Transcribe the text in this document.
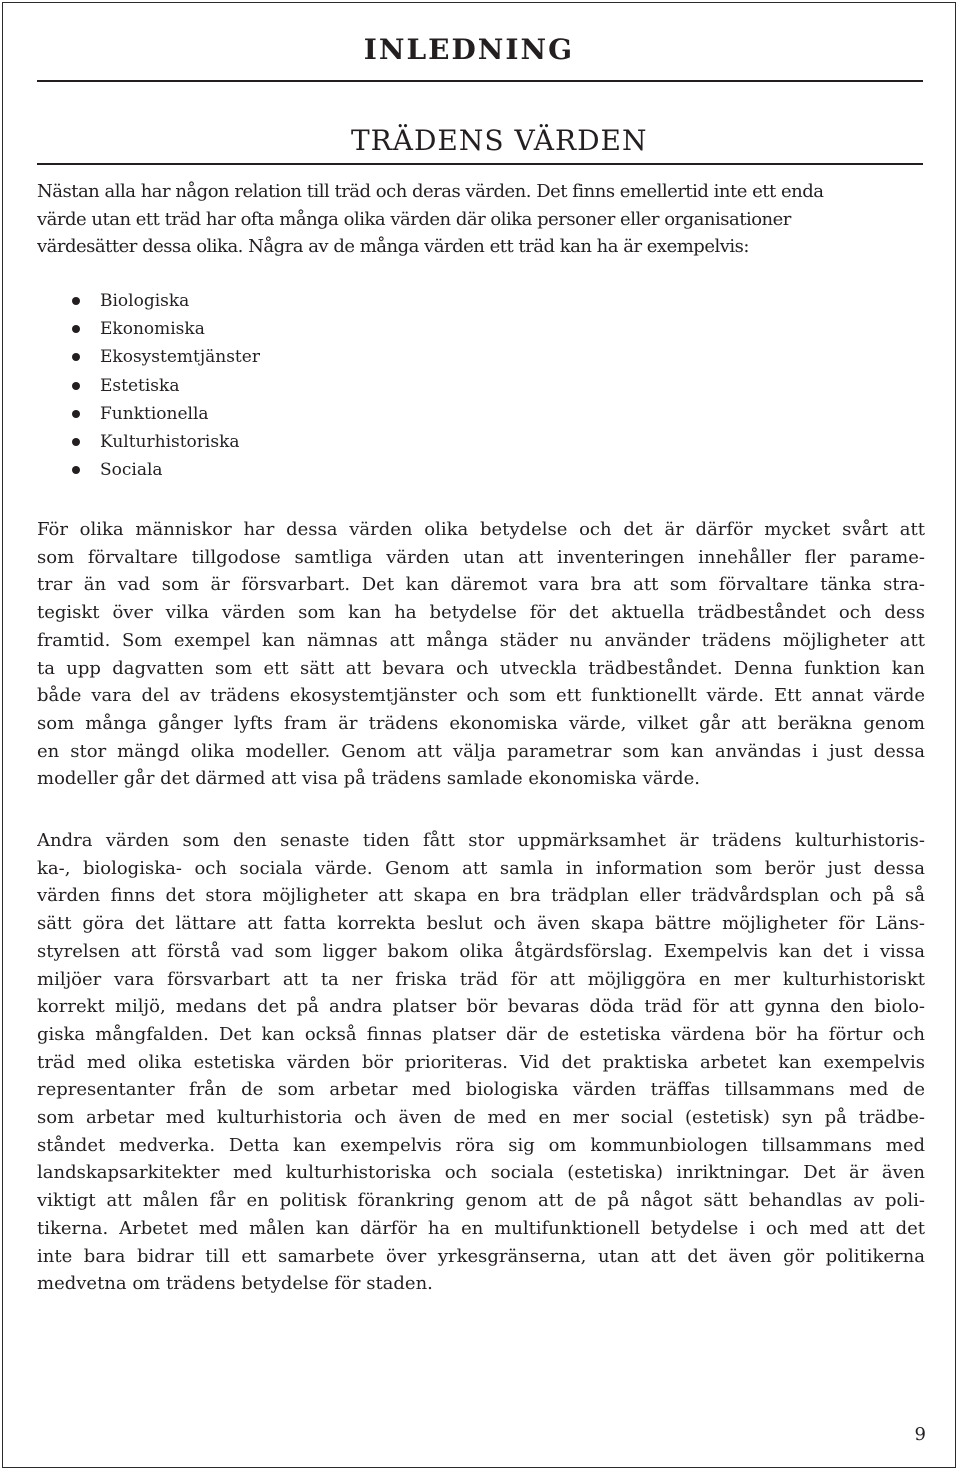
INLEDNING
TRÄDENS VÄRDEN
Nästan alla har någon relation till träd och deras värden. Det finns emellertid inte ett enda
värde utan ett träd har ofta många olika värden där olika personer eller organisationer
värdesätter dessa olika. Några av de många värden ett träd kan ha är exempelvis:
Biologiska
Ekonomiska
Ekosystemtjänster
Estetiska
Funktionella
Kulturhistoriska
Sociala
För olika människor har dessa värden olika betydelse och det är därför mycket svårt att
som förvaltare tillgodose samtliga värden utan att inventeringen innehåller fler parame-
trar än vad som är försvarbart. Det kan däremot vara bra att som förvaltare tänka stra-
tegiskt över vilka värden som kan ha betydelse för det aktuella trädbeståndet och dess
framtid. Som exempel kan nämnas att många städer nu använder trädens möjligheter att
ta upp dagvatten som ett sätt att bevara och utveckla trädbeståndet. Denna funktion kan
både vara del av trädens ekosystemtjänster och som ett funktionellt värde. Ett annat värde
som många gånger lyfts fram är trädens ekonomiska värde, vilket går att beräkna genom
en stor mängd olika modeller. Genom att välja parametrar som kan användas i just dessa
modeller går det därmed att visa på trädens samlade ekonomiska värde.
Andra värden som den senaste tiden fått stor uppmärksamhet är trädens kulturhistoris-
ka-, biologiska- och sociala värde. Genom att samla in information som berör just dessa
värden finns det stora möjligheter att skapa en bra trädplan eller trädvårdsplan och på så
sätt göra det lättare att fatta korrekta beslut och även skapa bättre möjligheter för Läns-
styrelsen att förstå vad som ligger bakom olika åtgärdsförslag. Exempelvis kan det i vissa
miljöer vara försvarbart att ta ner friska träd för att möjliggöra en mer kulturhistoriskt
korrekt miljö, medans det på andra platser bör bevaras döda träd för att gynna den biolo-
giska mångfalden. Det kan också finnas platser där de estetiska värdena bör ha förtur och
träd med olika estetiska värden bör prioriteras. Vid det praktiska arbetet kan exempelvis
representanter från de som arbetar med biologiska värden träffas tillsammans med de
som arbetar med kulturhistoria och även de med en mer social (estetisk) syn på trädbe-
ståndet medverka. Detta kan exempelvis röra sig om kommunbiologen tillsammans med
landskapsarkitekter med kulturhistoriska och sociala (estetiska) inriktningar. Det är även
viktigt att målen får en politisk förankring genom att de på något sätt behandlas av poli-
tikerna. Arbetet med målen kan därför ha en multifunktionell betydelse i och med att det
inte bara bidrar till ett samarbete över yrkesgränserna, utan att det även gör politikerna
medvetna om trädens betydelse för staden.

9
